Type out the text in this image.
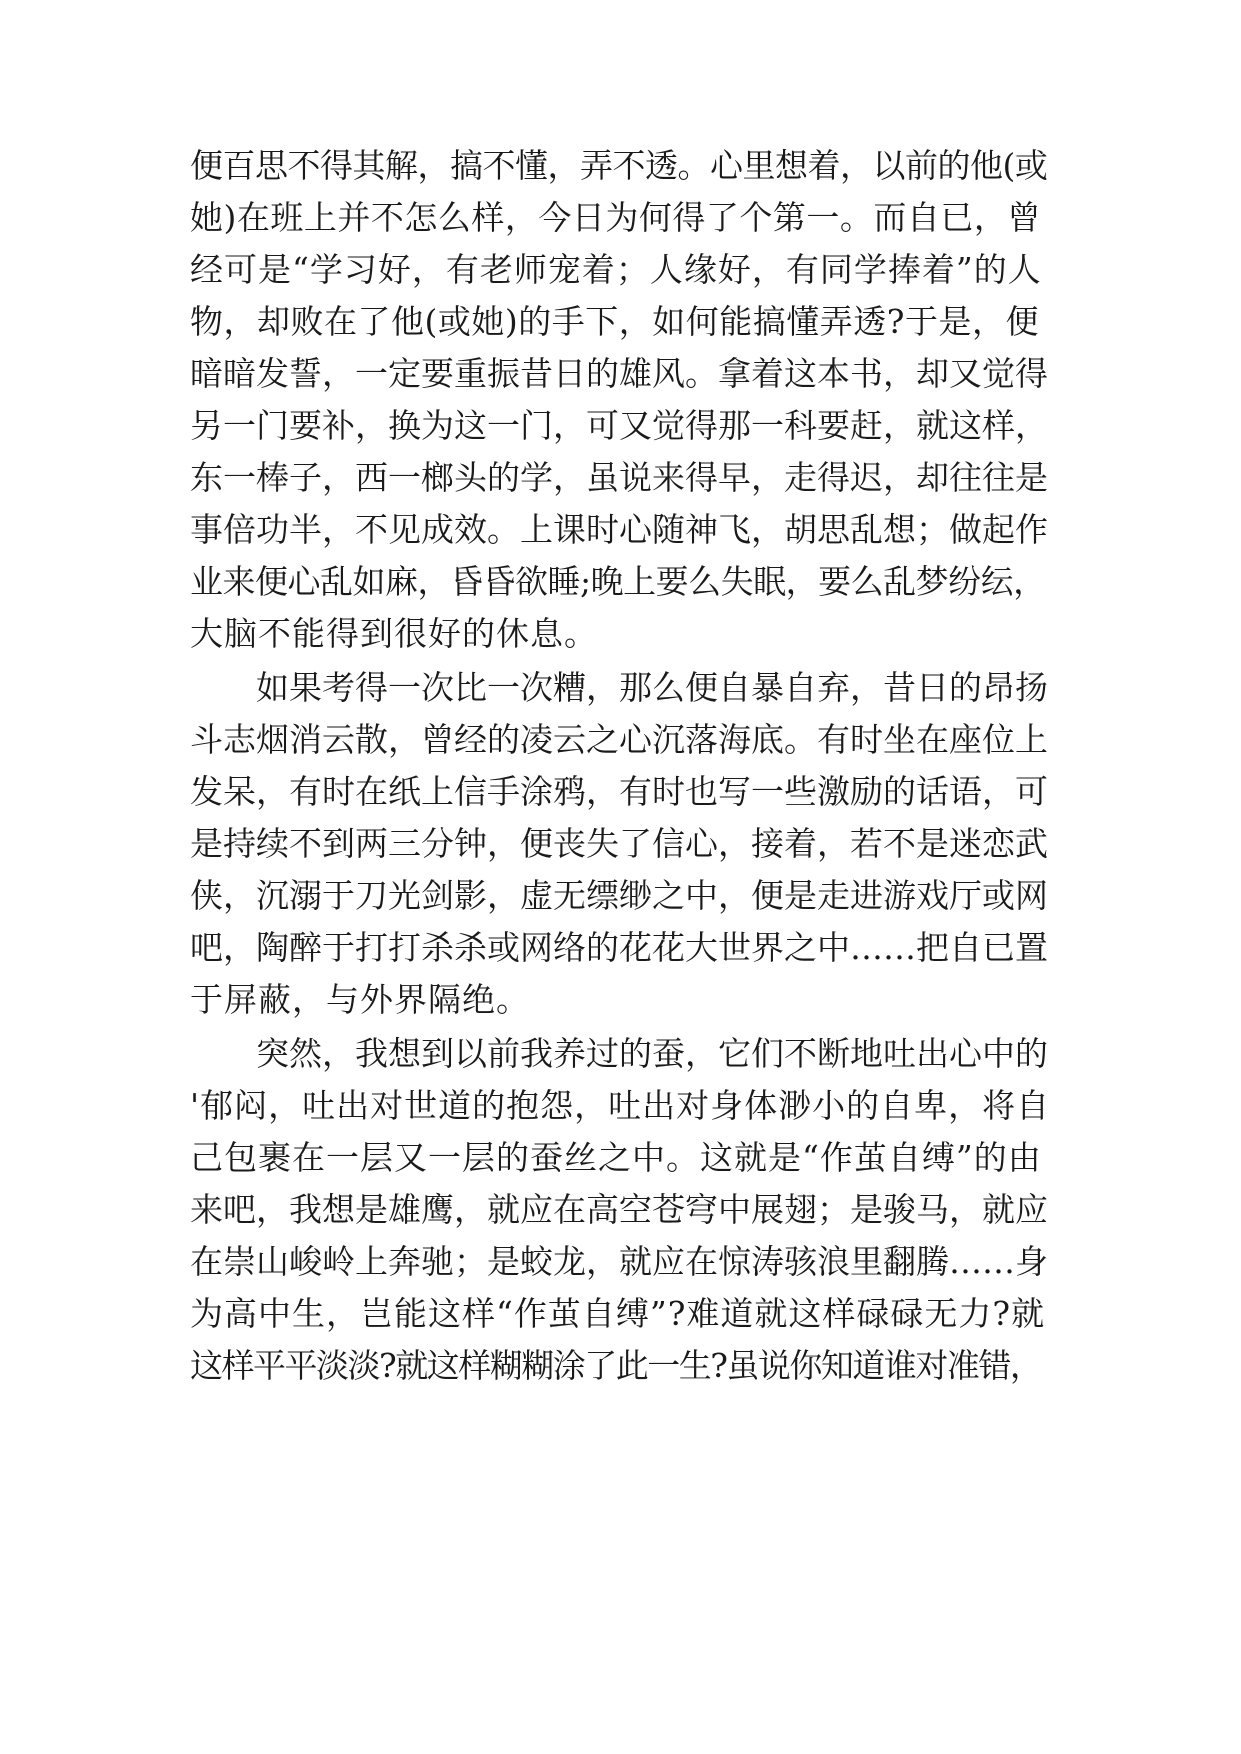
便百思不得其解，搞不懂，弄不透。心里想着，以前的他(或
她)在班上并不怎么样，今日为何得了个第一。而自已，曾
经可是“学习好，有老师宠着；人缘好，有同学捧着”的人
物，却败在了他(或她)的手下，如何能搞懂弄透?于是，便
暗暗发誓，一定要重振昔日的雄风。拿着这本书，却又觉得
另一门要补，换为这一门，可又觉得那一科要赶，就这样，
东一棒子，西一榔头的学，虽说来得早，走得迟，却往往是
事倍功半，不见成效。上课时心随神飞，胡思乱想；做起作
业来便心乱如麻，昏昏欲睡;晚上要么失眠，要么乱梦纷纭，
大脑不能得到很好的休息。
如果考得一次比一次糟，那么便自暴自弃，昔日的昂扬
斗志烟消云散，曾经的凌云之心沉落海底。有时坐在座位上
发呆，有时在纸上信手涂鸦，有时也写一些激励的话语，可
是持续不到两三分钟，便丧失了信心，接着，若不是迷恋武
侠，沉溺于刀光剑影，虚无缥缈之中，便是走进游戏厅或网
吧，陶醉于打打杀杀或网络的花花大世界之中……把自已置
于屏蔽，与外界隔绝。
突然，我想到以前我养过的蚕，它们不断地吐出心中的
'郁闷，吐出对世道的抱怨，吐出对身体渺小的自卑，将自
己包裹在一层又一层的蚕丝之中。这就是“作茧自缚”的由
来吧，我想是雄鹰，就应在高空苍穹中展翅；是骏马，就应
在崇山峻岭上奔驰；是蛟龙，就应在惊涛骇浪里翻腾……身
为高中生，岂能这样“作茧自缚”?难道就这样碌碌无力?就
这样平平淡淡?就这样糊糊涂了此一生?虽说你知道谁对准错，
